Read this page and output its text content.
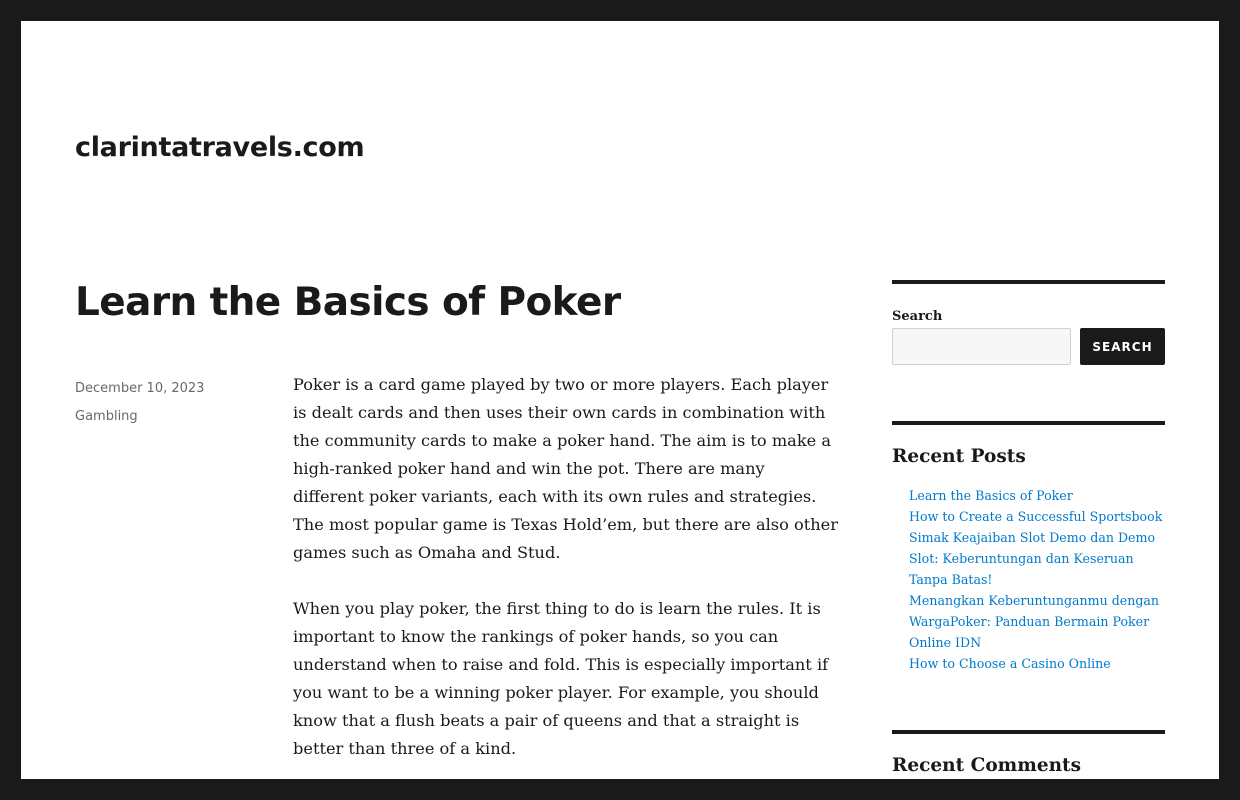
clarintatravels.com
Learn the Basics of Poker
December 10, 2023
Gambling

Poker is a card game played by two or more players. Each player is dealt cards and then uses their own cards in combination with the community cards to make a poker hand. The aim is to make a high-ranked poker hand and win the pot. There are many different poker variants, each with its own rules and strategies. The most popular game is Texas Hold’em, but there are also other games such as Omaha and Stud.

When you play poker, the first thing to do is learn the rules. It is important to know the rankings of poker hands, so you can understand when to raise and fold. This is especially important if you want to be a winning poker player. For example, you should know that a flush beats a pair of queens and that a straight is better than three of a kind.

Search
SEARCH
Recent Posts
Learn the Basics of Poker
How to Create a Successful Sportsbook
Simak Keajaiban Slot Demo dan Demo Slot: Keberuntungan dan Keseruan Tanpa Batas!
Menangkan Keberuntunganmu dengan WargaPoker: Panduan Bermain Poker Online IDN
How to Choose a Casino Online
Recent Comments
